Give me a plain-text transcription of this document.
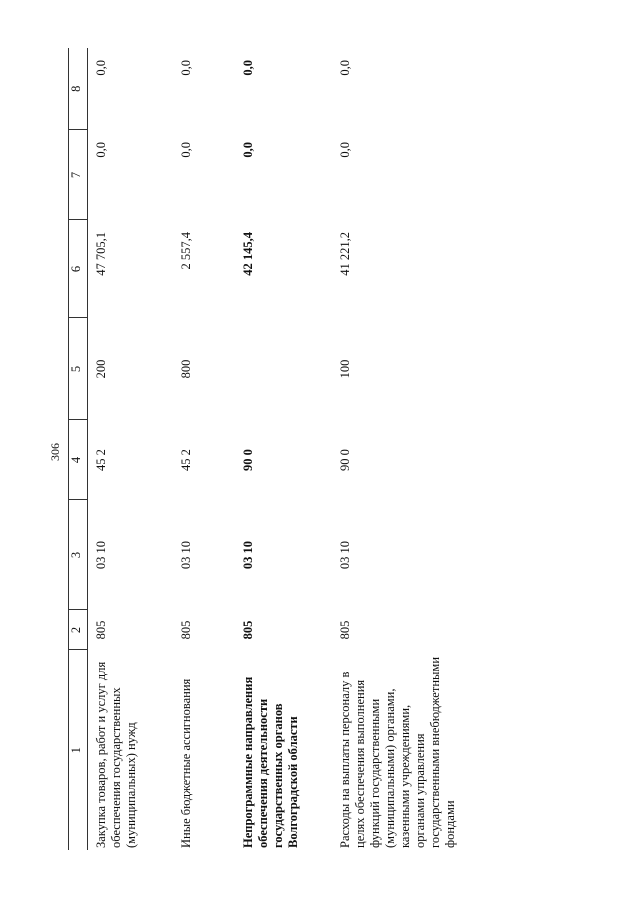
306
1	2	3	4	5	6	7	8
Закупка товаров, работ и услуг для обеспечения государственных (муниципальных) нужд	805	03 10	45 2	200	47 705,1	0,0	0,0
Иные бюджетные ассигнования	805	03 10	45 2	800	2 557,4	0,0	0,0
Непрограммные направления обеспечения деятельности государственных органов Волгоградской области	805	03 10	90 0		42 145,4	0,0	0,0
Расходы на выплаты персоналу в целях обеспечения выполнения функций государственными (муниципальными) органами, казенными учреждениями, органами управления государственными внебюджетными фондами	805	03 10	90 0	100	41 221,2	0,0	0,0
